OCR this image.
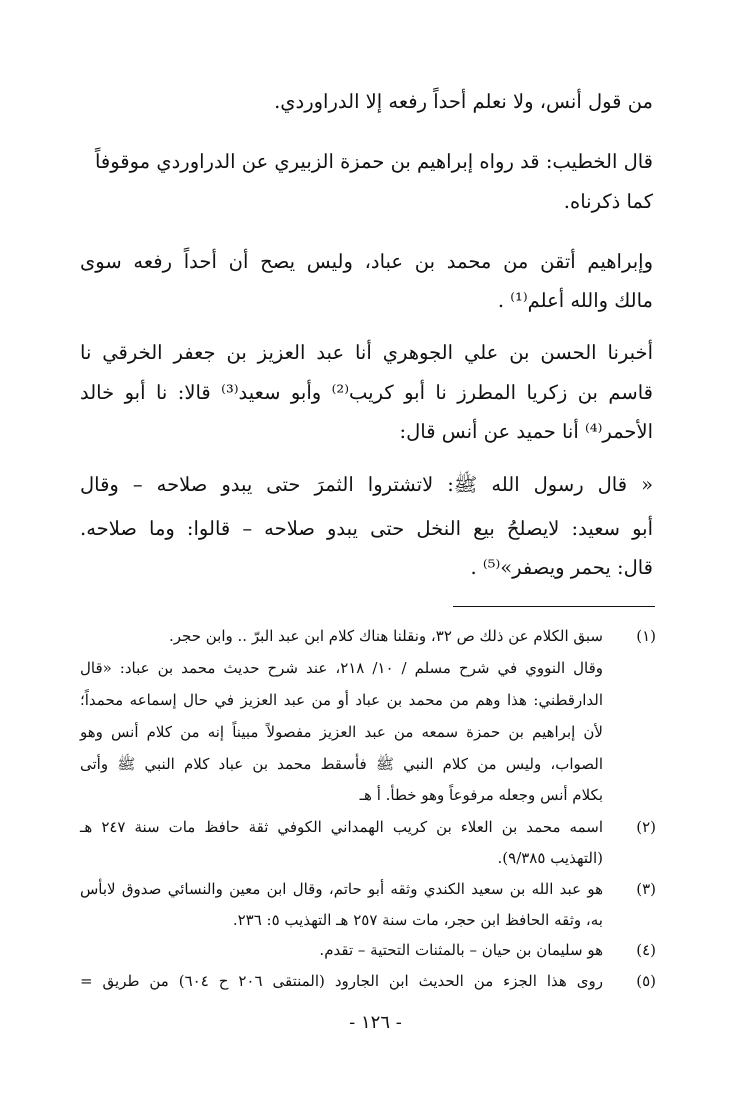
من قول أنس، ولا نعلم أحداً رفعه إلا الدراوردي.
قال الخطيب: قد رواه إبراهيم بن حمزة الزبيري عن الدراوردي موقوفاً
كما ذكرناه.
وإبراهيم أتقن من محمد بن عباد، وليس يصح أن أحداً رفعه سوى
مالك والله أعلم⁽¹⁾ .
أخبرنا الحسن بن علي الجوهري أنا عبد العزيز بن جعفر الخرقي نا
قاسم بن زكريا المطرز نا أبو كريب⁽²⁾ وأبو سعيد⁽³⁾ قالا: نا أبو خالد
الأحمر⁽⁴⁾ أنا حميد عن أنس قال:
« قال رسول الله ﷺ: لاتشتروا الثمرَ حتى يبدو صلاحه – وقال
أبو سعيد: لايصلحُ بيع النخل حتى يبدو صلاحه – قالوا: وما صلاحه.
قال: يحمر ويصفر»⁽⁵⁾ .
(١)
سبق الكلام عن ذلك ص ٣٢، ونقلنا هناك كلام ابن عبد البرّ .. وابن حجر.
وقال النووي في شرح مسلم / ١٠/ ٢١٨، عند شرح حديث محمد بن عباد: «قال
الدارقطني: هذا وهم من محمد بن عباد أو من عبد العزيز في حال إسماعه محمداً؛
لأن إبراهيم بن حمزة سمعه من عبد العزيز مفصولاً مبيناً إنه من كلام أنس وهو
الصواب، وليس من كلام النبي ﷺ فأسقط محمد بن عباد كلام النبي ﷺ وأتى
بكلام أنس وجعله مرفوعاً وهو خطأ. أ هـ
(٢)
اسمه محمد بن العلاء بن كريب الهمداني الكوفي ثقة حافظ مات سنة ٢٤٧ هـ
(التهذيب ٩/٣٨٥).
(٣)
هو عبد الله بن سعيد الكندي وثقه أبو حاتم، وقال ابن معين والنسائي صدوق لابأس
به، وثقه الحافظ ابن حجر، مات سنة ٢٥٧ هـ التهذيب ٥: ٢٣٦.
(٤)
هو سليمان بن حيان – بالمثنات التحتية – تقدم.
(٥)
روى هذا الجزء من الحديث ابن الجارود (المنتقى ٢٠٦ ح ٦٠٤) من طريق =
- ١٢٦ -
